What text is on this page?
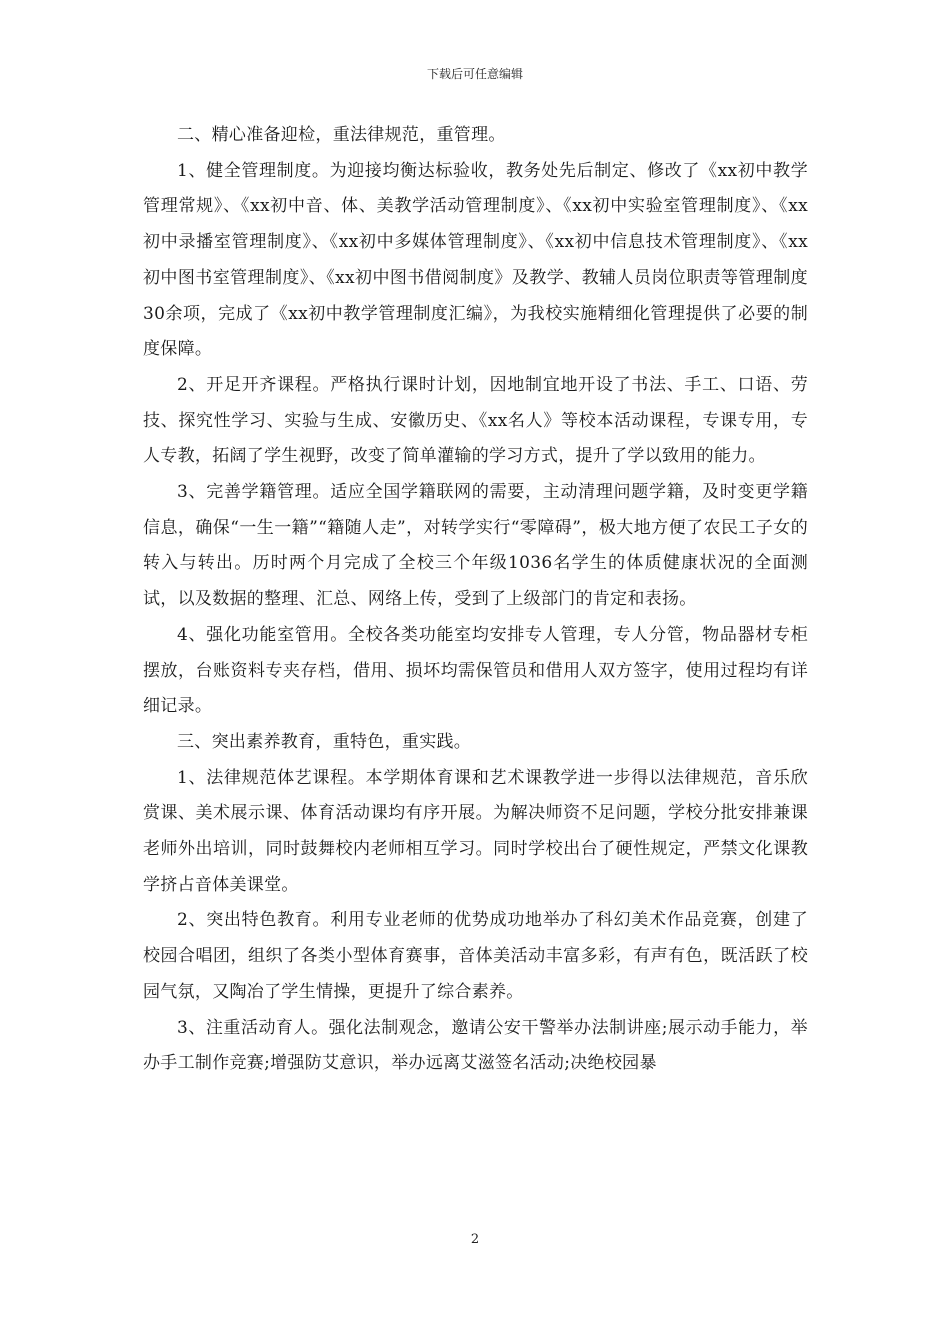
下载后可任意编辑

二、精心准备迎检，重法律规范，重管理。

1、健全管理制度。为迎接均衡达标验收，教务处先后制定、修改了《xx初中教学管理常规》、《xx初中音、体、美教学活动管理制度》、《xx初中实验室管理制度》、《xx初中录播室管理制度》、《xx初中多媒体管理制度》、《xx初中信息技术管理制度》、《xx初中图书室管理制度》、《xx初中图书借阅制度》及教学、教辅人员岗位职责等管理制度30余项，完成了《xx初中教学管理制度汇编》，为我校实施精细化管理提供了必要的制度保障。

2、开足开齐课程。严格执行课时计划，因地制宜地开设了书法、手工、口语、劳技、探究性学习、实验与生成、安徽历史、《xx名人》等校本活动课程，专课专用，专人专教，拓阔了学生视野，改变了简单灌输的学习方式，提升了学以致用的能力。

3、完善学籍管理。适应全国学籍联网的需要，主动清理问题学籍，及时变更学籍信息，确保“一生一籍”“籍随人走”，对转学实行“零障碍”，极大地方便了农民工子女的转入与转出。历时两个月完成了全校三个年级1036名学生的体质健康状况的全面测试，以及数据的整理、汇总、网络上传，受到了上级部门的肯定和表扬。

4、强化功能室管用。全校各类功能室均安排专人管理，专人分管，物品器材专柜摆放，台账资料专夹存档，借用、损坏均需保管员和借用人双方签字，使用过程均有详细记录。

三、突出素养教育，重特色，重实践。

1、法律规范体艺课程。本学期体育课和艺术课教学进一步得以法律规范，音乐欣赏课、美术展示课、体育活动课均有序开展。为解决师资不足问题，学校分批安排兼课老师外出培训，同时鼓舞校内老师相互学习。同时学校出台了硬性规定，严禁文化课教学挤占音体美课堂。

2、突出特色教育。利用专业老师的优势成功地举办了科幻美术作品竞赛，创建了校园合唱团，组织了各类小型体育赛事，音体美活动丰富多彩，有声有色，既活跃了校园气氛，又陶冶了学生情操，更提升了综合素养。

3、注重活动育人。强化法制观念，邀请公安干警举办法制讲座;展示动手能力，举办手工制作竞赛;增强防艾意识，举办远离艾滋签名活动;决绝校园暴

2
